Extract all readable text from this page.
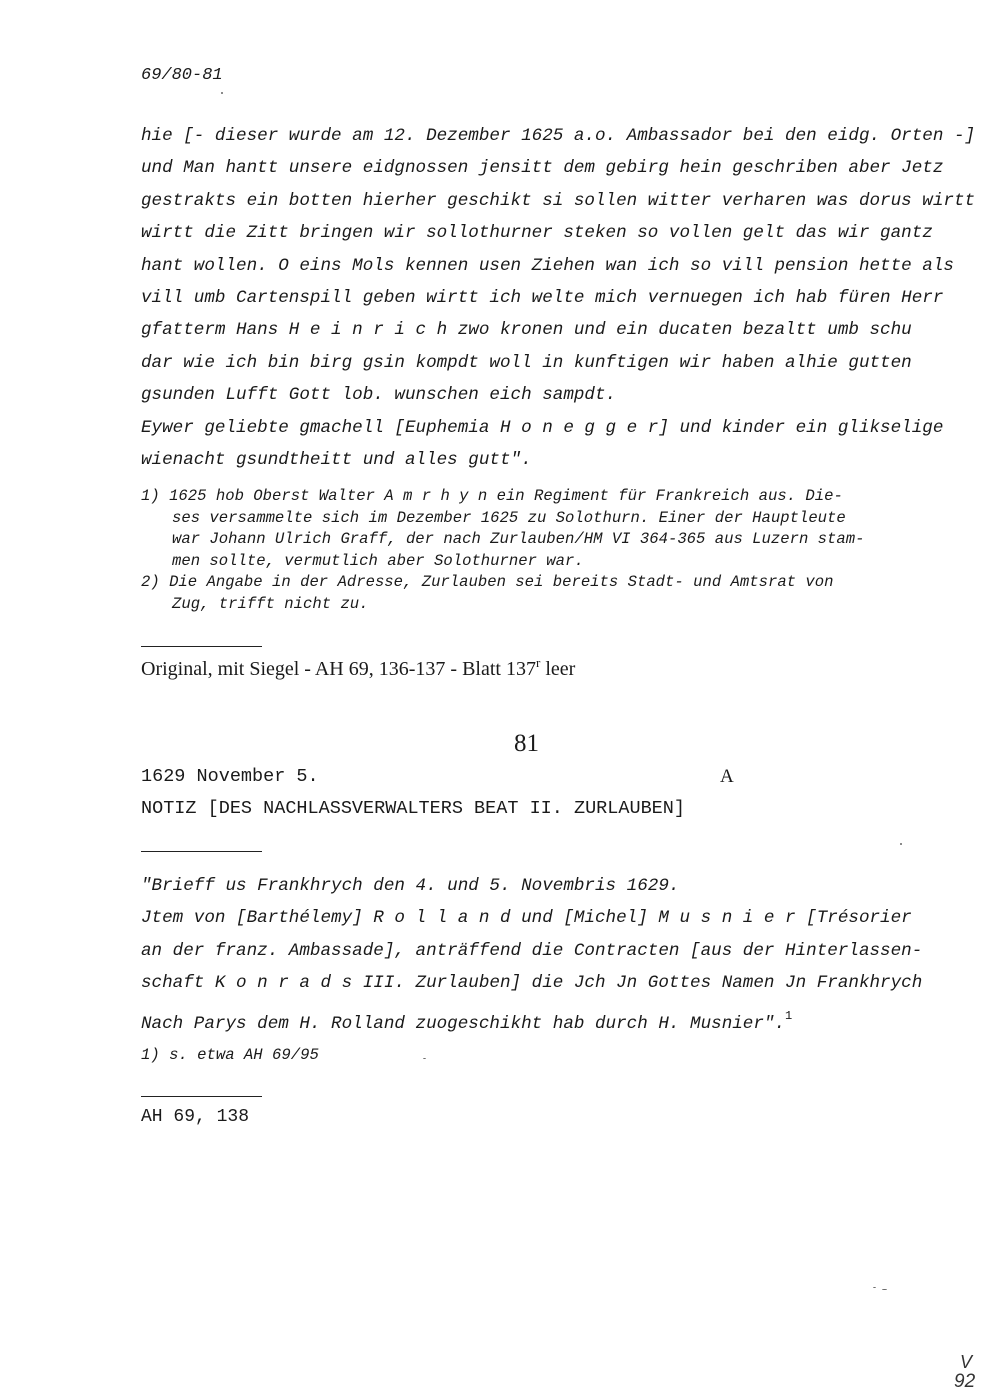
69/80-81
hie [- dieser wurde am 12. Dezember 1625 a.o. Ambassador bei den eidg. Orten -]
und Man hantt unsere eidgnossen jensitt dem gebirg hein geschriben aber Jetz
gestrakts ein botten hierher geschikt si sollen witter verharen was dorus wirtt
wirtt die Zitt bringen wir sollothurner steken so vollen gelt das wir gantz
hant wollen. O eins Mols kennen usen Ziehen wan ich so vill pension hette als
vill umb Cartenspill geben wirtt ich welte mich vernuegen ich hab füren Herr
gfatterm Hans H e i n r i c h zwo kronen und ein ducaten bezaltt umb schu
dar wie ich bin birg gsin kompdt woll in kunftigen wir haben alhie gutten
gsunden Lufft Gott lob. wunschen eich sampdt.
Eywer geliebte gmachell [Euphemia H o n e g g e r] und kinder ein glikselige
wienacht gsundtheitt und alles gutt".
1) 1625 hob Oberst Walter A m r h y n ein Regiment für Frankreich aus. Die-
ses versammelte sich im Dezember 1625 zu Solothurn. Einer der Hauptleute
war Johann Ulrich Graff, der nach Zurlauben/HM VI 364-365 aus Luzern stam-
men sollte, vermutlich aber Solothurner war.
2) Die Angabe in der Adresse, Zurlauben sei bereits Stadt- und Amtsrat von
Zug, trifft nicht zu.
Original, mit Siegel - AH 69, 136-137 - Blatt 137$^r$ leer
81
1629 November 5.	A
NOTIZ [DES NACHLASSVERWALTERS BEAT II. ZURLAUBEN]
"Brieff us Frankhrych den 4. und 5. Novembris 1629.
Jtem von [Barthélemy] R o l l a n d und [Michel] M u s n i e r [Trésorier
an der franz. Ambassade], anträffend die Contracten [aus der Hinterlassen-
schaft K o n r a d s III. Zurlauben] die Jch Jn Gottes Namen Jn Frankhrych
Nach Parys dem H. Rolland zuogeschikht hab durch H. Musnier".$^1$
1) s. etwa AH 69/95
AH 69, 138
V
92
